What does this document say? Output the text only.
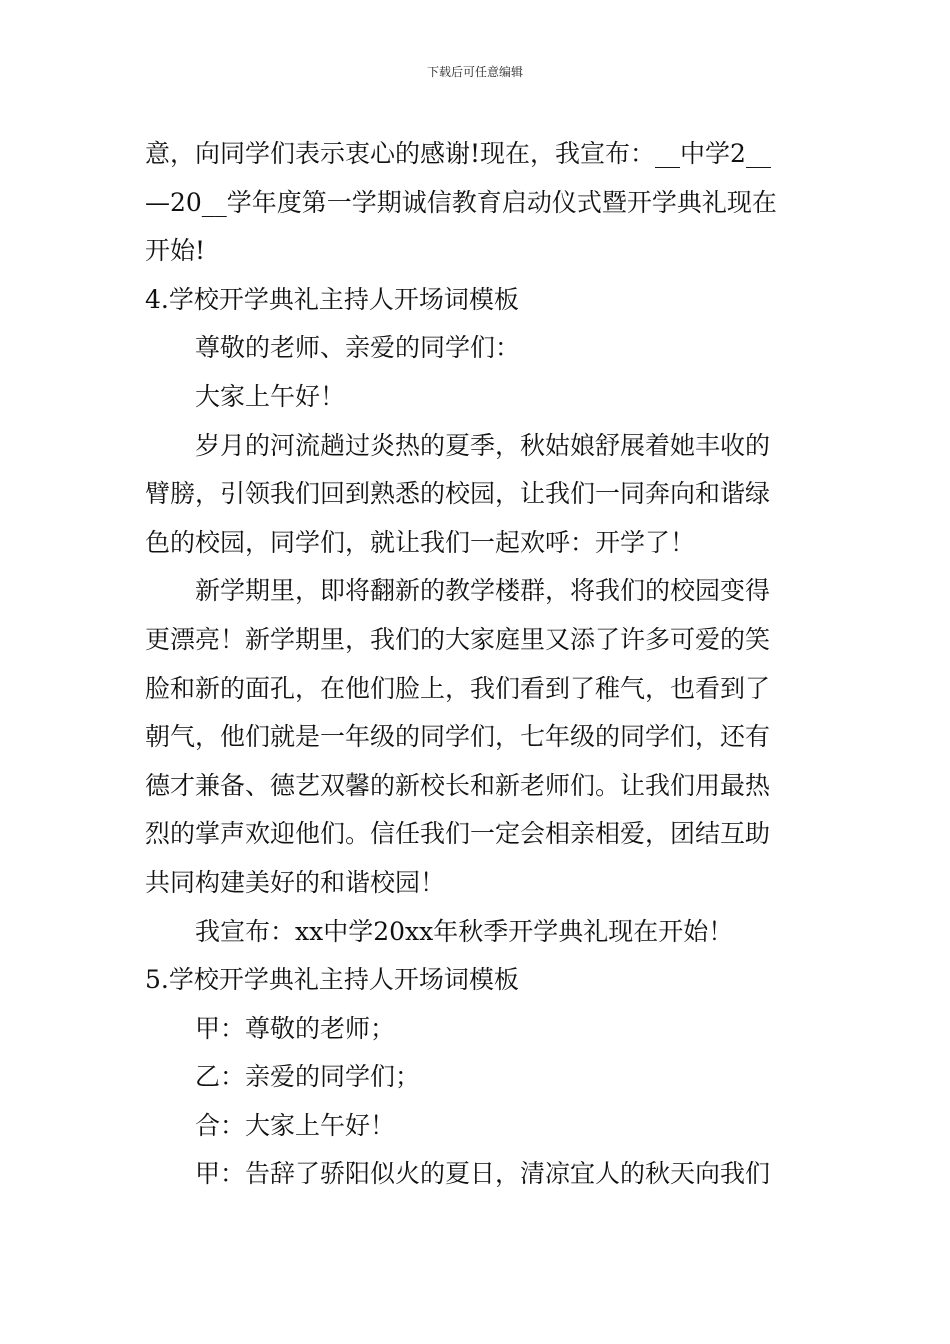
下载后可任意编辑
意，向同学们表示衷心的感谢!现在，我宣布：__中学2__
—20__学年度第一学期诚信教育启动仪式暨开学典礼现在
开始!
4.学校开学典礼主持人开场词模板
尊敬的老师、亲爱的同学们：
大家上午好！
岁月的河流趟过炎热的夏季，秋姑娘舒展着她丰收的
臂膀，引领我们回到熟悉的校园，让我们一同奔向和谐绿
色的校园，同学们，就让我们一起欢呼：开学了！
新学期里，即将翻新的教学楼群，将我们的校园变得
更漂亮！新学期里，我们的大家庭里又添了许多可爱的笑
脸和新的面孔，在他们脸上，我们看到了稚气，也看到了
朝气，他们就是一年级的同学们，七年级的同学们，还有
德才兼备、德艺双馨的新校长和新老师们。让我们用最热
烈的掌声欢迎他们。信任我们一定会相亲相爱，团结互助
共同构建美好的和谐校园！
我宣布：xx中学20xx年秋季开学典礼现在开始！
5.学校开学典礼主持人开场词模板
甲：尊敬的老师；
乙：亲爱的同学们；
合：大家上午好！
甲：告辞了骄阳似火的夏日，清凉宜人的秋天向我们
